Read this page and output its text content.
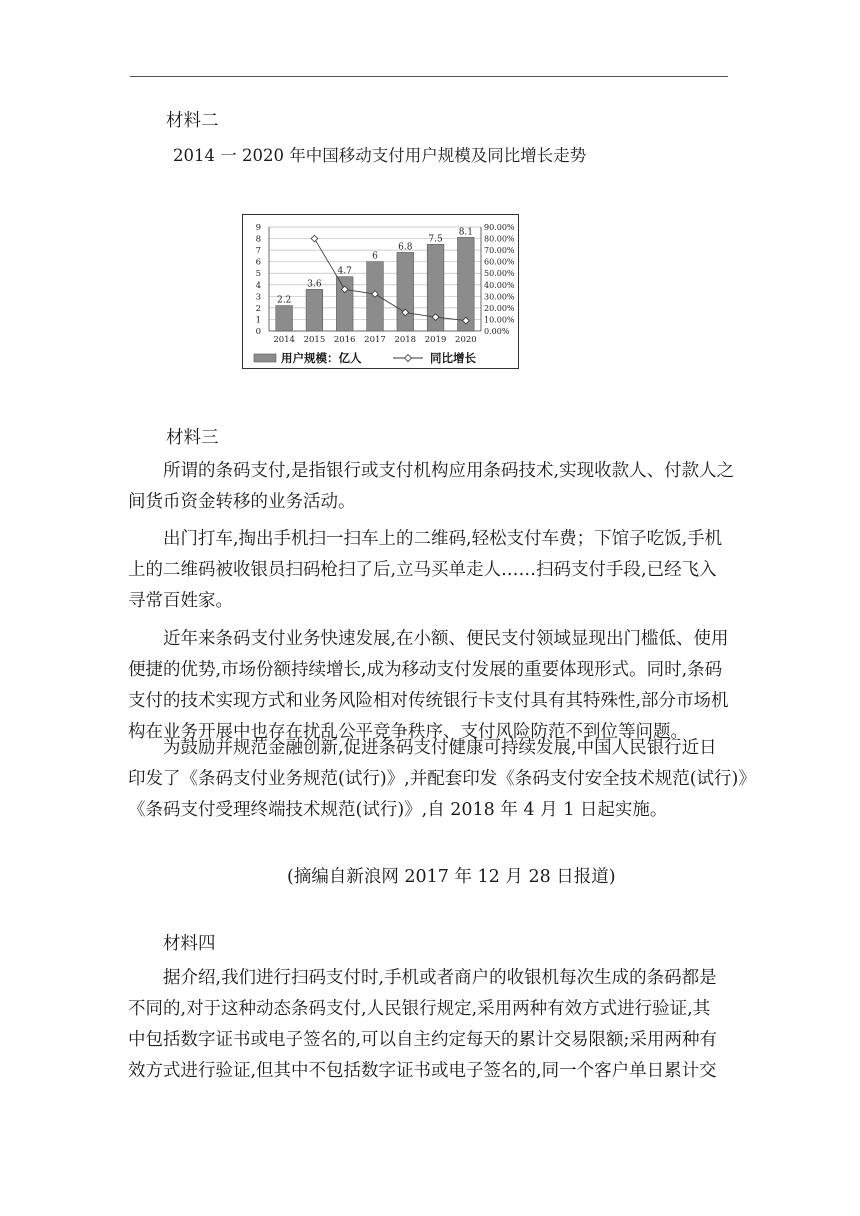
材料二
2014 一 2020 年中国移动支付用户规模及同比增长走势
0
1
2
3
4
5
6
7
8
9
0.00%
10.00%
20.00%
30.00%
40.00%
50.00%
60.00%
70.00%
80.00%
90.00%
2.2
2014
3.6
2015
4.7
2016
6
2017
6.8
2018
7.5
2019
8.1
2020
用户规模：亿人	同比增长
材料三
所谓的条码支付,是指银行或支付机构应用条码技术,实现收款人、付款人之
间货币资金转移的业务活动。
出门打车,掏出手机扫一扫车上的二维码,轻松支付车费；下馆子吃饭,手机
上的二维码被收银员扫码枪扫了后,立马买单走人……扫码支付手段,已经飞入
寻常百姓家。
近年来条码支付业务快速发展,在小额、便民支付领域显现出门槛低、使用
便捷的优势,市场份额持续增长,成为移动支付发展的重要体现形式。同时,条码
支付的技术实现方式和业务风险相对传统银行卡支付具有其特殊性,部分市场机
构在业务开展中也存在扰乱公平竞争秩序、支付风险防范不到位等问题。
为鼓励并规范金融创新,促进条码支付健康可持续发展,中国人民银行近日
印发了《条码支付业务规范(试行)》,并配套印发《条码支付安全技术规范(试行)》
《条码支付受理终端技术规范(试行)》,自 2018 年 4 月 1 日起实施。
(摘编自新浪网 2017 年 12 月 28 日报道)
材料四
据介绍,我们进行扫码支付时,手机或者商户的收银机每次生成的条码都是
不同的,对于这种动态条码支付,人民银行规定,采用两种有效方式进行验证,其
中包括数字证书或电子签名的,可以自主约定每天的累计交易限额;采用两种有
效方式进行验证,但其中不包括数字证书或电子签名的,同一个客户单日累计交
